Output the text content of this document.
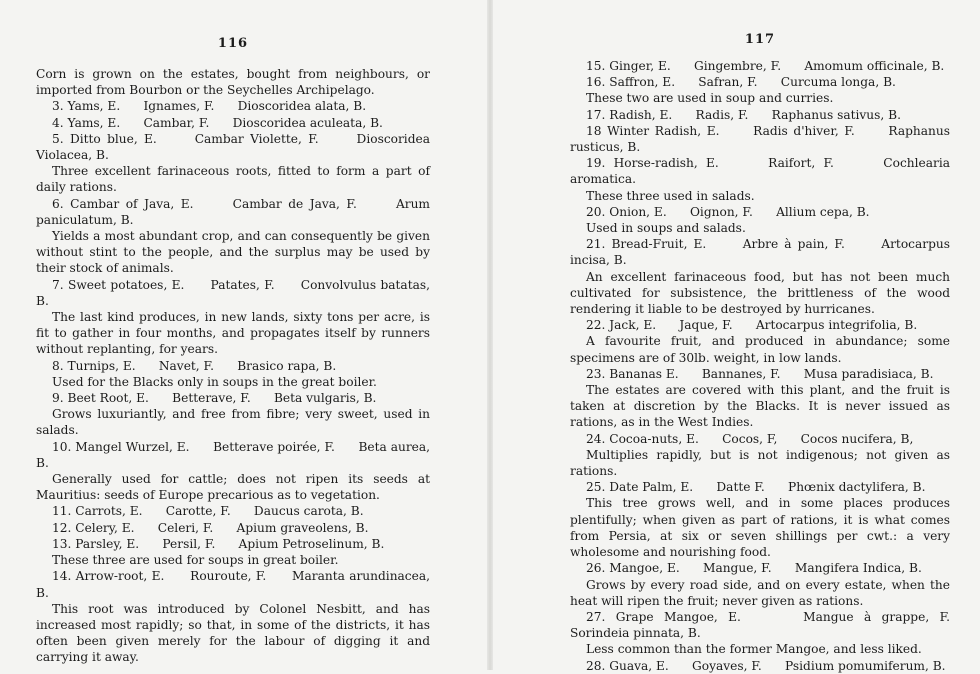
116

Corn is grown on the estates, bought from neighbours, or imported from Bourbon or the Seychelles Archipelago.

3. Yams, E.      Ignames, F.      Dioscoridea alata, B.

4. Yams, E.      Cambar, F.      Dioscoridea aculeata, B.

5. Ditto blue, E.      Cambar Violette, F.      Dioscoridea Violacea, B.

Three excellent farinaceous roots, fitted to form a part of daily rations.

6. Cambar of Java, E.      Cambar de Java, F.      Arum paniculatum, B.

Yields a most abundant crop, and can consequently be given without stint to the people, and the surplus may be used by their stock of animals.

7. Sweet potatoes, E.      Patates, F.      Convolvulus batatas, B.

The last kind produces, in new lands, sixty tons per acre, is fit to gather in four months, and propagates itself by runners without replanting, for years.

8. Turnips, E.      Navet, F.      Brasico rapa, B.

Used for the Blacks only in soups in the great boiler.

9. Beet Root, E.      Betterave, F.      Beta vulgaris, B.

Grows luxuriantly, and free from fibre; very sweet, used in salads.

10. Mangel Wurzel, E.      Betterave poirée, F.      Beta aurea, B.

Generally used for cattle; does not ripen its seeds at Mauritius: seeds of Europe precarious as to vegetation.

11. Carrots, E.      Carotte, F.      Daucus carota, B.

12. Celery, E.      Celeri, F.      Apium graveolens, B.

13. Parsley, E.      Persil, F.      Apium Petroselinum, B.

These three are used for soups in great boiler.

14. Arrow-root, E.      Rouroute, F.      Maranta arundinacea, B.

This root was introduced by Colonel Nesbitt, and has increased most rapidly; so that, in some of the districts, it has often been given merely for the labour of digging it and carrying it away.

117

15. Ginger, E.      Gingembre, F.      Amomum officinale, B.

16. Saffron, E.      Safran, F.      Curcuma longa, B.

These two are used in soup and curries.

17. Radish, E.      Radis, F.      Raphanus sativus, B.

18 Winter Radish, E.      Radis d'hiver, F.      Raphanus rusticus, B.

19. Horse-radish, E.      Raifort, F.      Cochlearia aromatica.

These three used in salads.

20. Onion, E.      Oignon, F.      Allium cepa, B.

Used in soups and salads.

21. Bread-Fruit, E.      Arbre à pain, F.      Artocarpus incisa, B.

An excellent farinaceous food, but has not been much cultivated for subsistence, the brittleness of the wood rendering it liable to be destroyed by hurricanes.

22. Jack, E.      Jaque, F.      Artocarpus integrifolia, B.

A favourite fruit, and produced in abundance; some specimens are of 30lb. weight, in low lands.

23. Bananas E.      Bannanes, F.      Musa paradisiaca, B.

The estates are covered with this plant, and the fruit is taken at discretion by the Blacks. It is never issued as rations, as in the West Indies.

24. Cocoa-nuts, E.      Cocos, F,      Cocos nucifera, B,

Multiplies rapidly, but is not indigenous; not given as rations.

25. Date Palm, E.      Datte F.      Phœnix dactylifera, B.

This tree grows well, and in some places produces plentifully; when given as part of rations, it is what comes from Persia, at six or seven shillings per cwt.: a very wholesome and nourishing food.

26. Mangoe, E.      Mangue, F.      Mangifera Indica, B.

Grows by every road side, and on every estate, when the heat will ripen the fruit; never given as rations.

27. Grape Mangoe, E.      Mangue à grappe, F.      Sorindeia pinnata, B.

Less common than the former Mangoe, and less liked.

28. Guava, E.      Goyaves, F.      Psidium pomumiferum, B.
